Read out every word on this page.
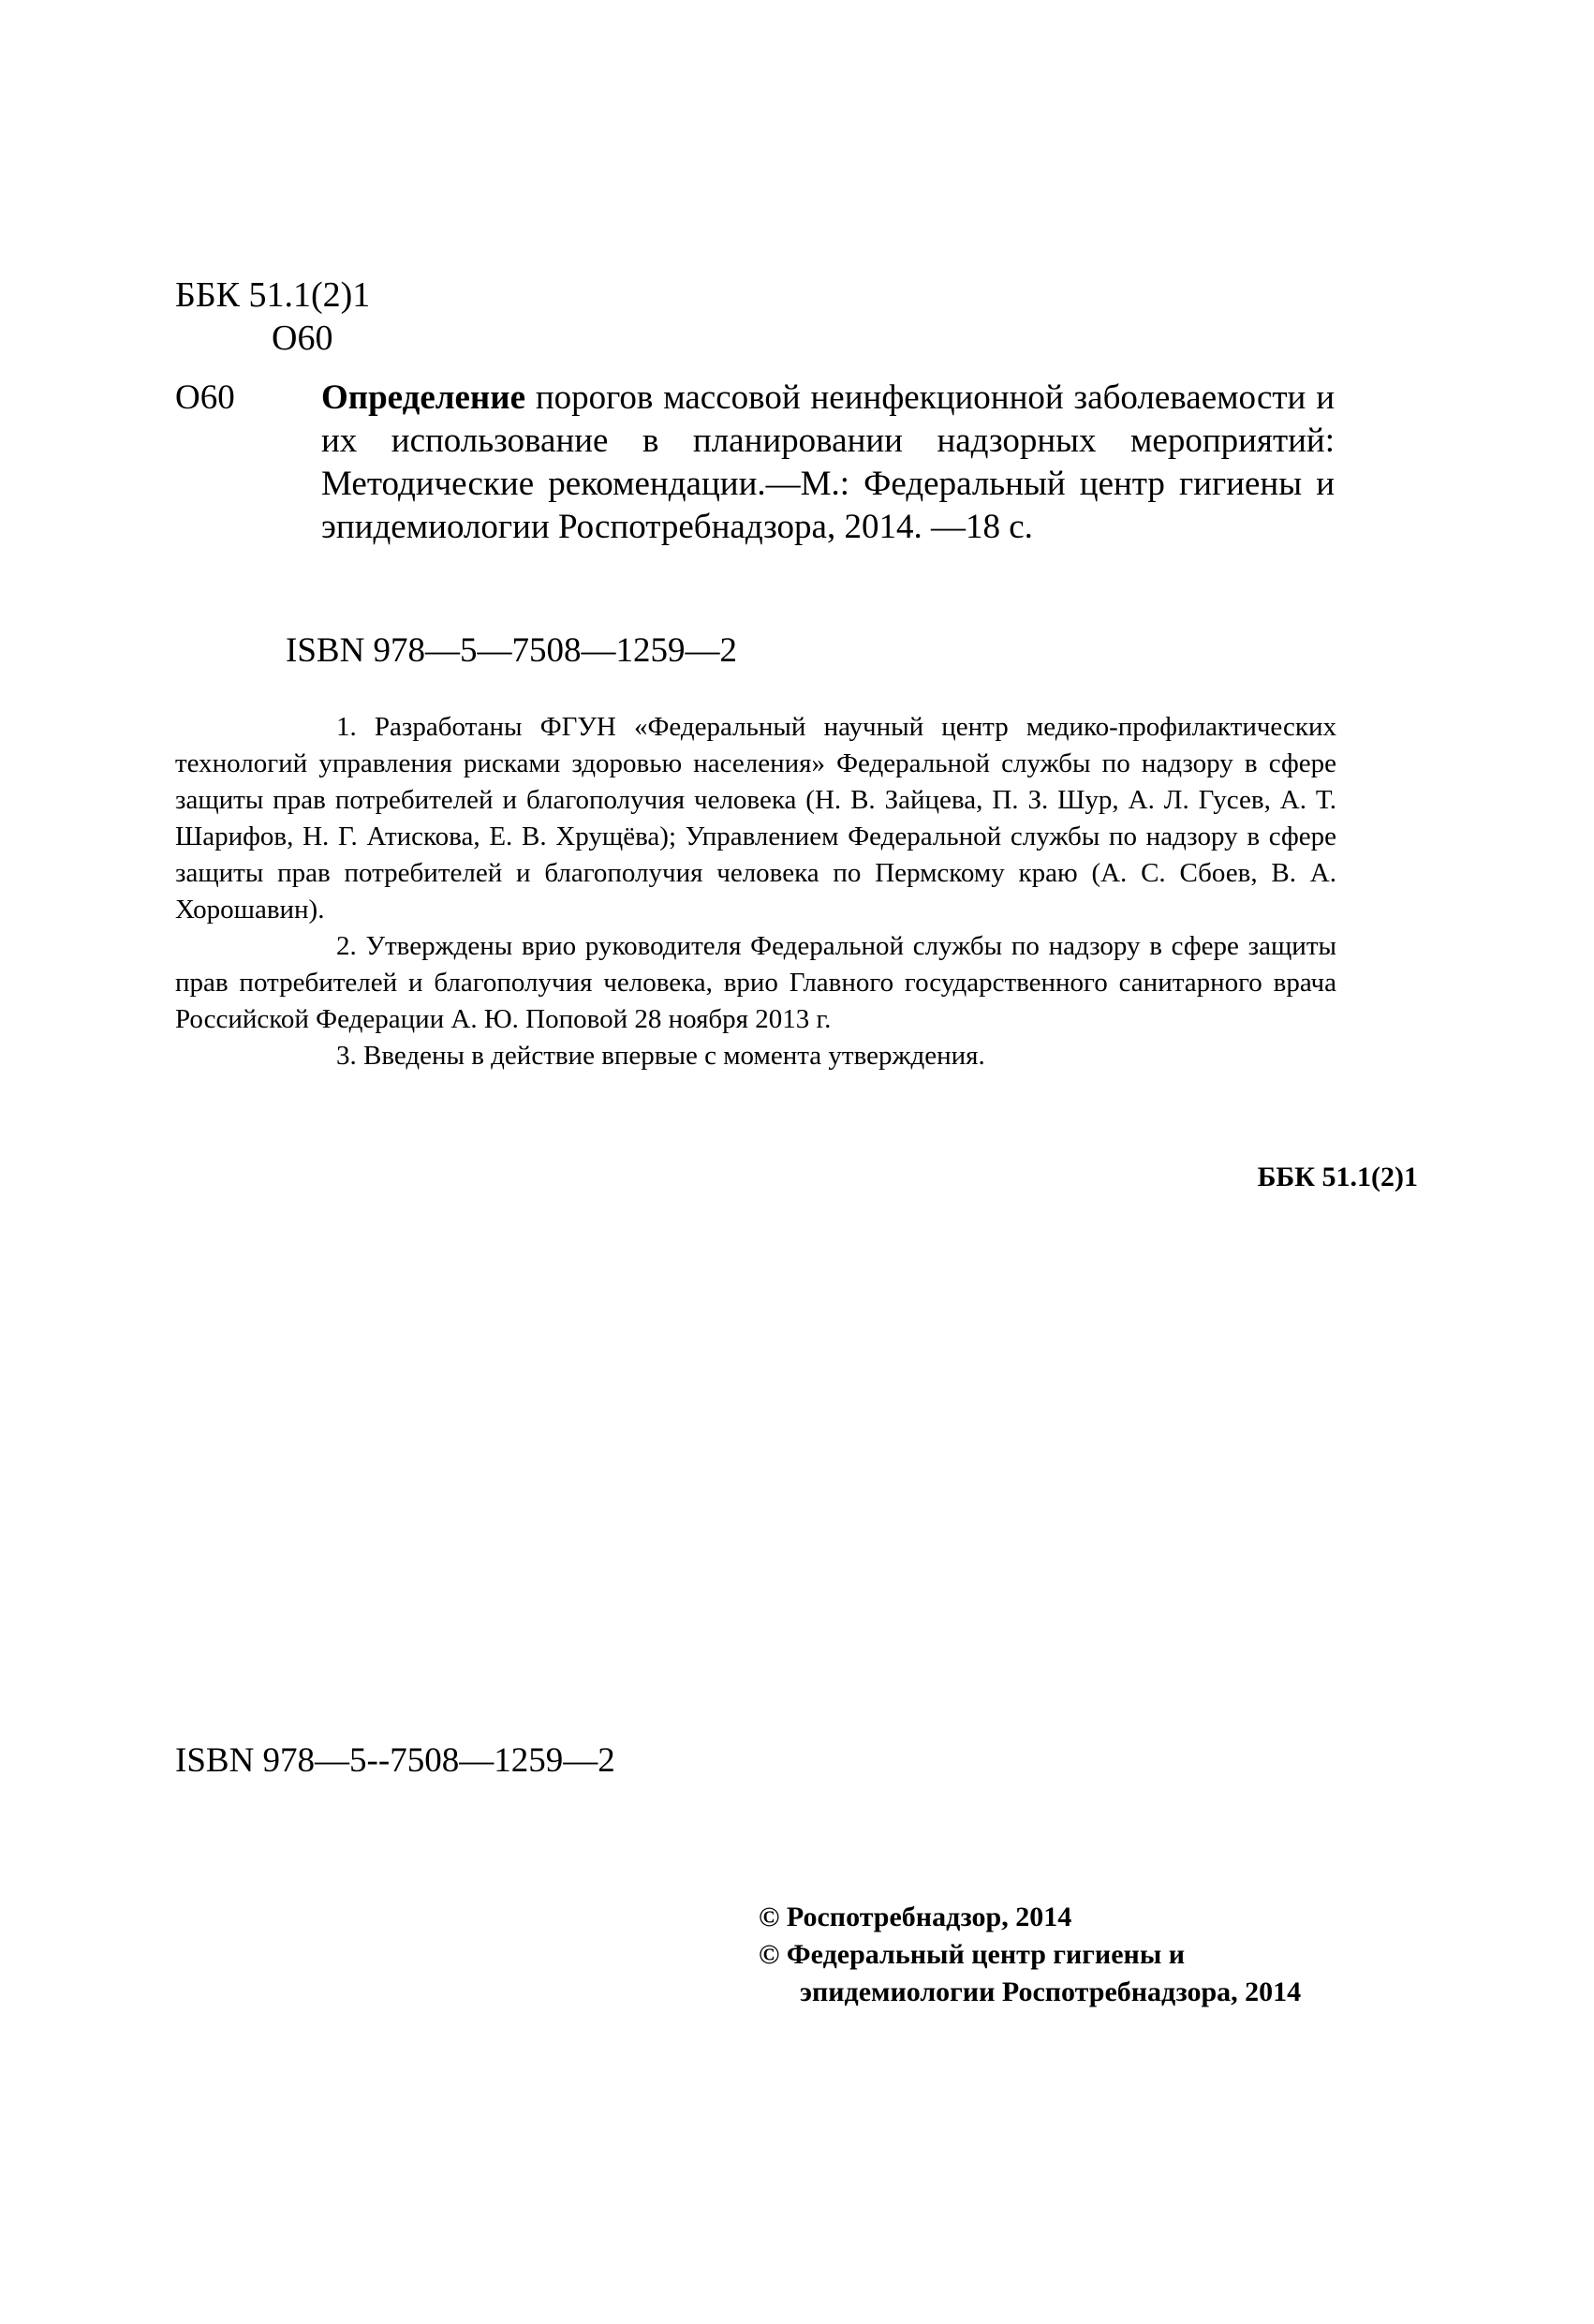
ББК 51.1(2)1
О60
О60 Определение порогов массовой неинфекционной заболеваемости и их использование в планировании надзорных мероприятий: Методические рекомендации.—М.: Федеральный центр гигиены и эпидемиологии Роспотребнадзора, 2014. —18 с.
ISBN 978—5—7508—1259—2

1. Разработаны ФГУН «Федеральный научный центр медико-профилактических технологий управления рисками здоровью населения» Федеральной службы по надзору в сфере защиты прав потребителей и благополучия человека (Н. В. Зайцева, П. З. Шур, А. Л. Гусев, А. Т. Шарифов, Н. Г. Атискова, Е. В. Хрущёва); Управлением Федеральной службы по надзору в сфере защиты прав потребителей и благополучия человека по Пермскому краю (А. С. Сбоев, В. А. Хорошавин).

2. Утверждены врио руководителя Федеральной службы по надзору в сфере защиты прав потребителей и благополучия человека, врио Главного государственного санитарного врача Российской Федерации А. Ю. Поповой 28 ноября 2013 г.

3. Введены в действие впервые с момента утверждения.

ББК 51.1(2)1
ISBN 978—5--7508—1259—2
© Роспотребнадзор, 2014
© Федеральный центр гигиены и
эпидемиологии Роспотребнадзора, 2014
